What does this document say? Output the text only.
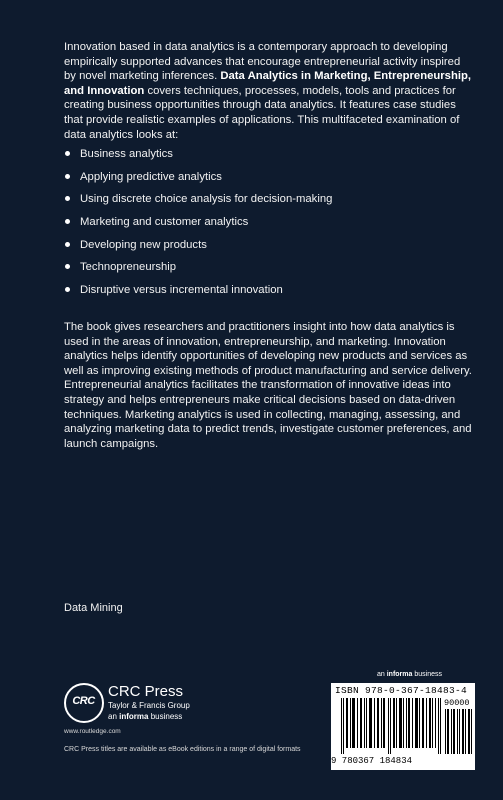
Innovation based in data analytics is a contemporary approach to developing empirically supported advances that encourage entrepreneurial activity inspired by novel marketing inferences. Data Analytics in Marketing, Entrepreneurship, and Innovation covers techniques, processes, models, tools and practices for creating business opportunities through data analytics. It features case studies that provide realistic examples of applications. This multifaceted examination of data analytics looks at:
Business analytics
Applying predictive analytics
Using discrete choice analysis for decision-making
Marketing and customer analytics
Developing new products
Technopreneurship
Disruptive versus incremental innovation
The book gives researchers and practitioners insight into how data analytics is used in the areas of innovation, entrepreneurship, and marketing. Innovation analytics helps identify opportunities of developing new products and services as well as improving existing methods of product manufacturing and service delivery. Entrepreneurial analytics facilitates the transformation of innovative ideas into strategy and helps entrepreneurs make critical decisions based on data-driven techniques. Marketing analytics is used in collecting, managing, assessing, and analyzing marketing data to predict trends, investigate customer preferences, and launch campaigns.
Data Mining
CRC
CRC Press
Taylor & Francis Group
an informa business
www.routledge.com
CRC Press titles are available as eBook editions in a range of digital formats
an informa business
ISBN 978-0-367-18483-4
90000
9 780367 184834
